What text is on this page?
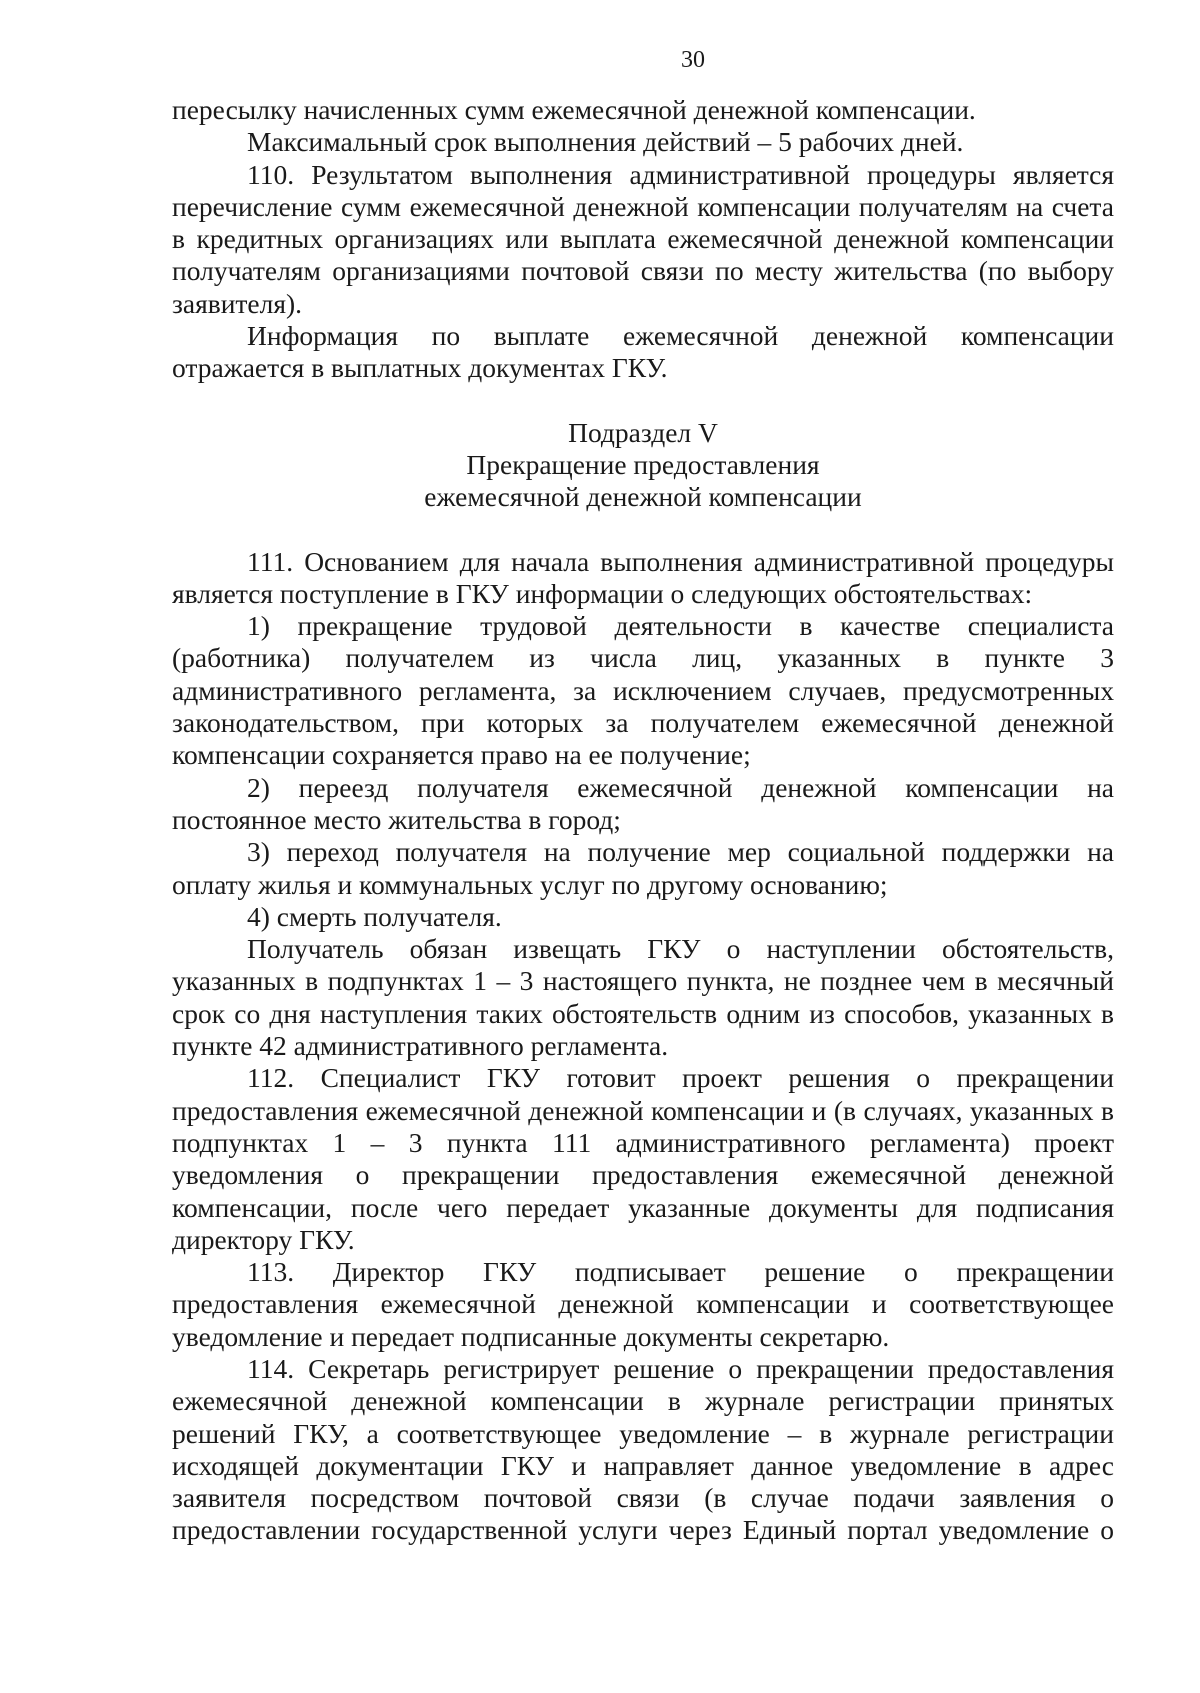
30

пересылку начисленных сумм ежемесячной денежной компенсации.

Максимальный срок выполнения действий – 5 рабочих дней.

110. Результатом выполнения административной процедуры является перечисление сумм ежемесячной денежной компенсации получателям на счета в кредитных организациях или выплата ежемесячной денежной компенсации получателям организациями почтовой связи по месту жительства (по выбору заявителя).

Информация по выплате ежемесячной денежной компенсации отражается в выплатных документах ГКУ.

Подраздел V
Прекращение предоставления
ежемесячной денежной компенсации

111. Основанием для начала выполнения административной процедуры является поступление в ГКУ информации о следующих обстоятельствах:

1) прекращение трудовой деятельности в качестве специалиста (работника) получателем из числа лиц, указанных в пункте 3 административного регламента, за исключением случаев, предусмотренных законодательством, при которых за получателем ежемесячной денежной компенсации сохраняется право на ее получение;

2) переезд получателя ежемесячной денежной компенсации на постоянное место жительства в город;

3) переход получателя на получение мер социальной поддержки на оплату жилья и коммунальных услуг по другому основанию;

4) смерть получателя.

Получатель обязан извещать ГКУ о наступлении обстоятельств, указанных в подпунктах 1 – 3 настоящего пункта, не позднее чем в месячный срок со дня наступления таких обстоятельств одним из способов, указанных в пункте 42 административного регламента.

112. Специалист ГКУ готовит проект решения о прекращении предоставления ежемесячной денежной компенсации и (в случаях, указанных в подпунктах 1 – 3 пункта 111 административного регламента) проект уведомления о прекращении предоставления ежемесячной денежной компенсации, после чего передает указанные документы для подписания директору ГКУ.

113. Директор ГКУ подписывает решение о прекращении предоставления ежемесячной денежной компенсации и соответствующее уведомление и передает подписанные документы секретарю.

114. Секретарь регистрирует решение о прекращении предоставления ежемесячной денежной компенсации в журнале регистрации принятых решений ГКУ, а соответствующее уведомление – в журнале регистрации исходящей документации ГКУ и направляет данное уведомление в адрес заявителя посредством почтовой связи (в случае подачи заявления о предоставлении государственной услуги через Единый портал уведомление о
